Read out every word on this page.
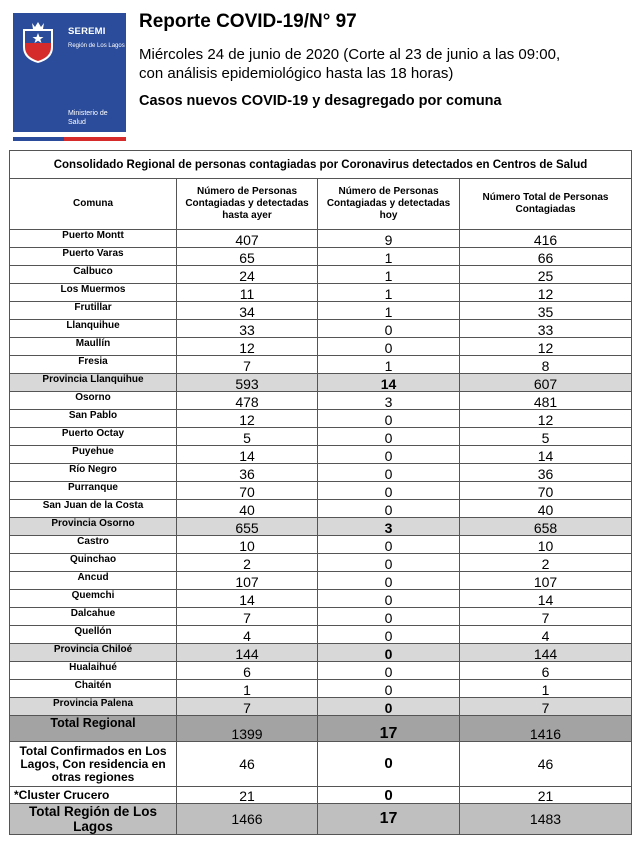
SEREMI
Región de Los Lagos
Ministerio de Salud
Reporte COVID-19/N° 97
Miércoles 24 de junio de 2020 (Corte al 23 de junio a las 09:00,
con análisis epidemiológico hasta las 18 horas)
Casos nuevos COVID-19 y desagregado por comuna
Consolidado Regional de personas contagiadas por Coronavirus detectados en Centros de Salud			
Comuna	Número de Personas Contagiadas y detectadas hasta ayer	Número de Personas Contagiadas y detectadas hoy	Número Total de Personas Contagiadas
Puerto Montt	407	9	416
Puerto Varas	65	1	66
Calbuco	24	1	25
Los Muermos	11	1	12
Frutillar	34	1	35
Llanquihue	33	0	33
Maullín	12	0	12
Fresia	7	1	8
Provincia Llanquihue	593	14	607
Osorno	478	3	481
San Pablo	12	0	12
Puerto Octay	5	0	5
Puyehue	14	0	14
Río Negro	36	0	36
Purranque	70	0	70
San Juan de la Costa	40	0	40
Provincia Osorno	655	3	658
Castro	10	0	10
Quinchao	2	0	2
Ancud	107	0	107
Quemchi	14	0	14
Dalcahue	7	0	7
Quellón	4	0	4
Provincia Chiloé	144	0	144
Hualaihué	6	0	6
Chaitén	1	0	1
Provincia Palena	7	0	7
Total Regional	1399	17	1416
Total Confirmados en Los Lagos, Con residencia en otras regiones	46	0	46
*Cluster Crucero	21	0	21
Total Región de Los Lagos	1466	17	1483
